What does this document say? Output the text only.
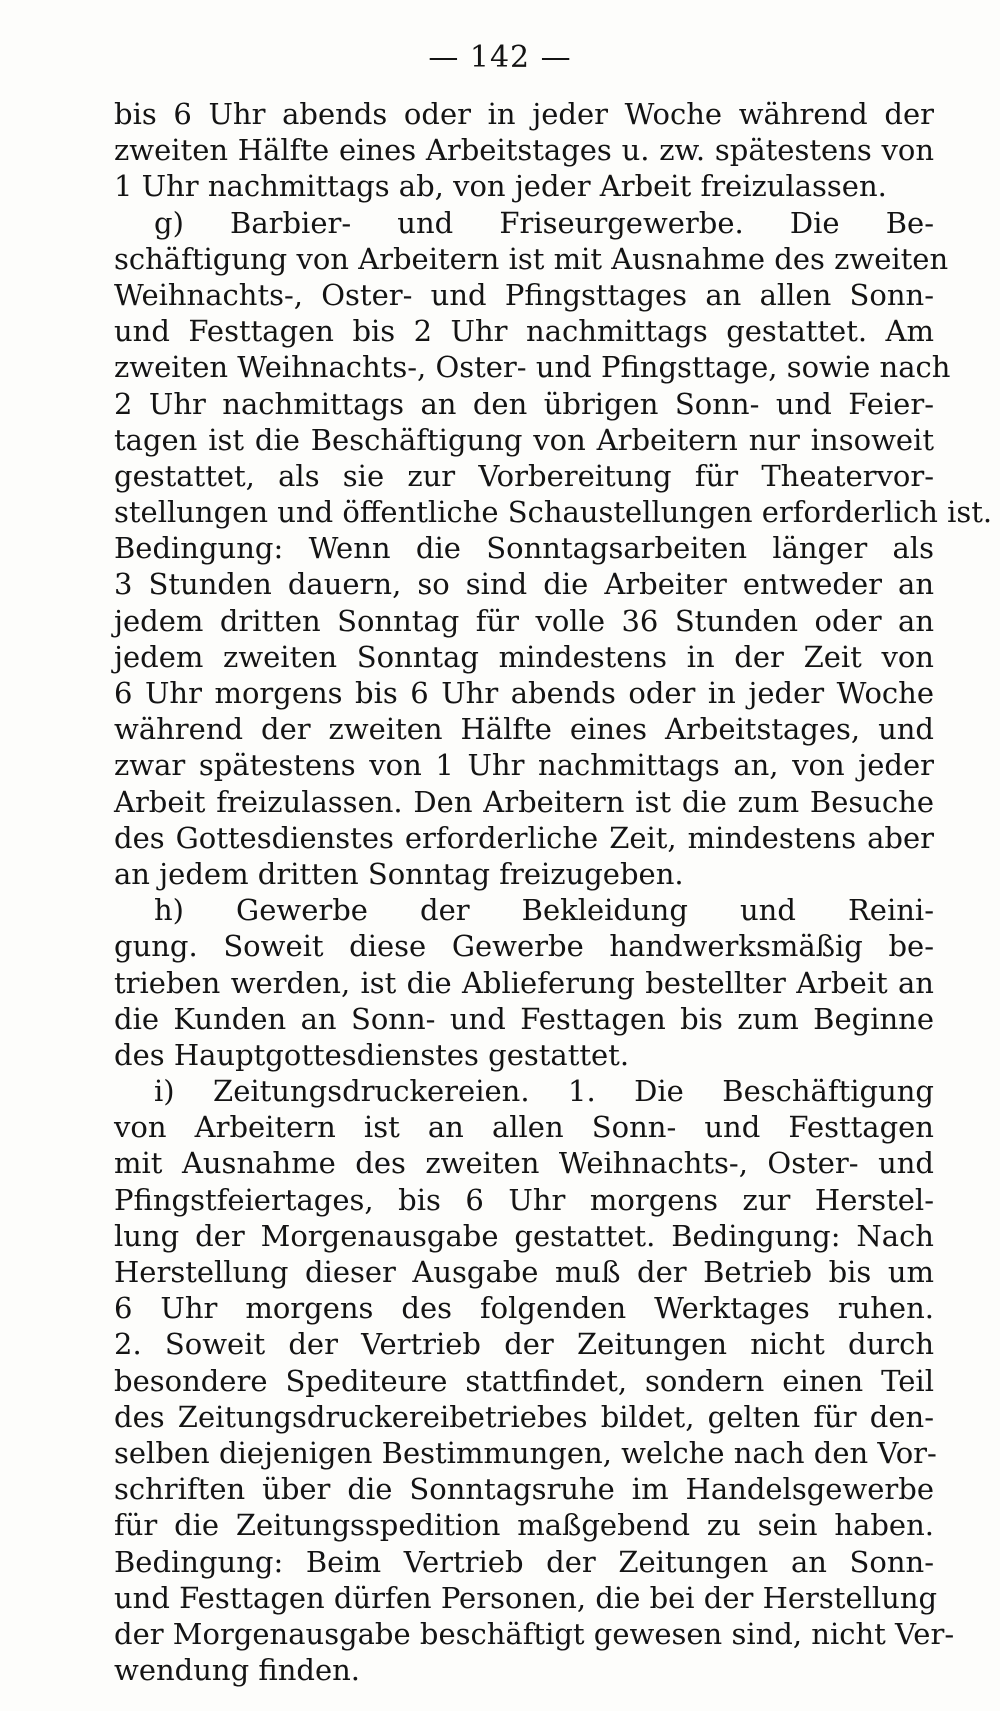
— 142 —
bis 6 Uhr abends oder in jeder Woche während der
zweiten Hälfte eines Arbeitstages u. zw. spätestens von
1 Uhr nachmittags ab, von jeder Arbeit freizulassen.
g) Barbier- und Friseurgewerbe. Die Be-
schäftigung von Arbeitern ist mit Ausnahme des zweiten
Weihnachts-, Oster- und Pfingsttages an allen Sonn-
und Festtagen bis 2 Uhr nachmittags gestattet. Am
zweiten Weihnachts-, Oster- und Pfingsttage, sowie nach
2 Uhr nachmittags an den übrigen Sonn- und Feier-
tagen ist die Beschäftigung von Arbeitern nur insoweit
gestattet, als sie zur Vorbereitung für Theatervor-
stellungen und öffentliche Schaustellungen erforderlich ist.
Bedingung: Wenn die Sonntagsarbeiten länger als
3 Stunden dauern, so sind die Arbeiter entweder an
jedem dritten Sonntag für volle 36 Stunden oder an
jedem zweiten Sonntag mindestens in der Zeit von
6 Uhr morgens bis 6 Uhr abends oder in jeder Woche
während der zweiten Hälfte eines Arbeitstages, und
zwar spätestens von 1 Uhr nachmittags an, von jeder
Arbeit freizulassen. Den Arbeitern ist die zum Besuche
des Gottesdienstes erforderliche Zeit, mindestens aber
an jedem dritten Sonntag freizugeben.
h) Gewerbe der Bekleidung und Reini-
gung. Soweit diese Gewerbe handwerksmäßig be-
trieben werden, ist die Ablieferung bestellter Arbeit an
die Kunden an Sonn- und Festtagen bis zum Beginne
des Hauptgottesdienstes gestattet.
i) Zeitungsdruckereien. 1. Die Beschäftigung
von Arbeitern ist an allen Sonn- und Festtagen
mit Ausnahme des zweiten Weihnachts-, Oster- und
Pfingstfeiertages, bis 6 Uhr morgens zur Herstel-
lung der Morgenausgabe gestattet. Bedingung: Nach
Herstellung dieser Ausgabe muß der Betrieb bis um
6 Uhr morgens des folgenden Werktages ruhen.
2. Soweit der Vertrieb der Zeitungen nicht durch
besondere Spediteure stattfindet, sondern einen Teil
des Zeitungsdruckereibetriebes bildet, gelten für den-
selben diejenigen Bestimmungen, welche nach den Vor-
schriften über die Sonntagsruhe im Handelsgewerbe
für die Zeitungsspedition maßgebend zu sein haben.
Bedingung: Beim Vertrieb der Zeitungen an Sonn-
und Festtagen dürfen Personen, die bei der Herstellung
der Morgenausgabe beschäftigt gewesen sind, nicht Ver-
wendung finden.
